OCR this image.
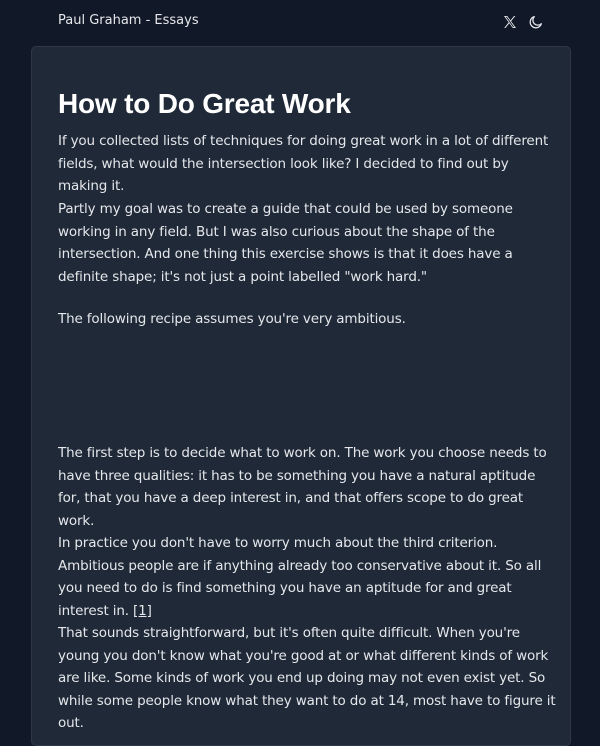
Paul Graham - Essays
How to Do Great Work

If you collected lists of techniques for doing great work in a lot of different fields, what would the intersection look like? I decided to find out by making it.

Partly my goal was to create a guide that could be used by someone working in any field. But I was also curious about the shape of the intersection. And one thing this exercise shows is that it does have a definite shape; it's not just a point labelled "work hard."

The following recipe assumes you're very ambitious.

The first step is to decide what to work on. The work you choose needs to have three qualities: it has to be something you have a natural aptitude for, that you have a deep interest in, and that offers scope to do great work.

In practice you don't have to worry much about the third criterion. Ambitious people are if anything already too conservative about it. So all you need to do is find something you have an aptitude for and great interest in. [1]

That sounds straightforward, but it's often quite difficult. When you're young you don't know what you're good at or what different kinds of work are like. Some kinds of work you end up doing may not even exist yet. So while some people know what they want to do at 14, most have to figure it out.
